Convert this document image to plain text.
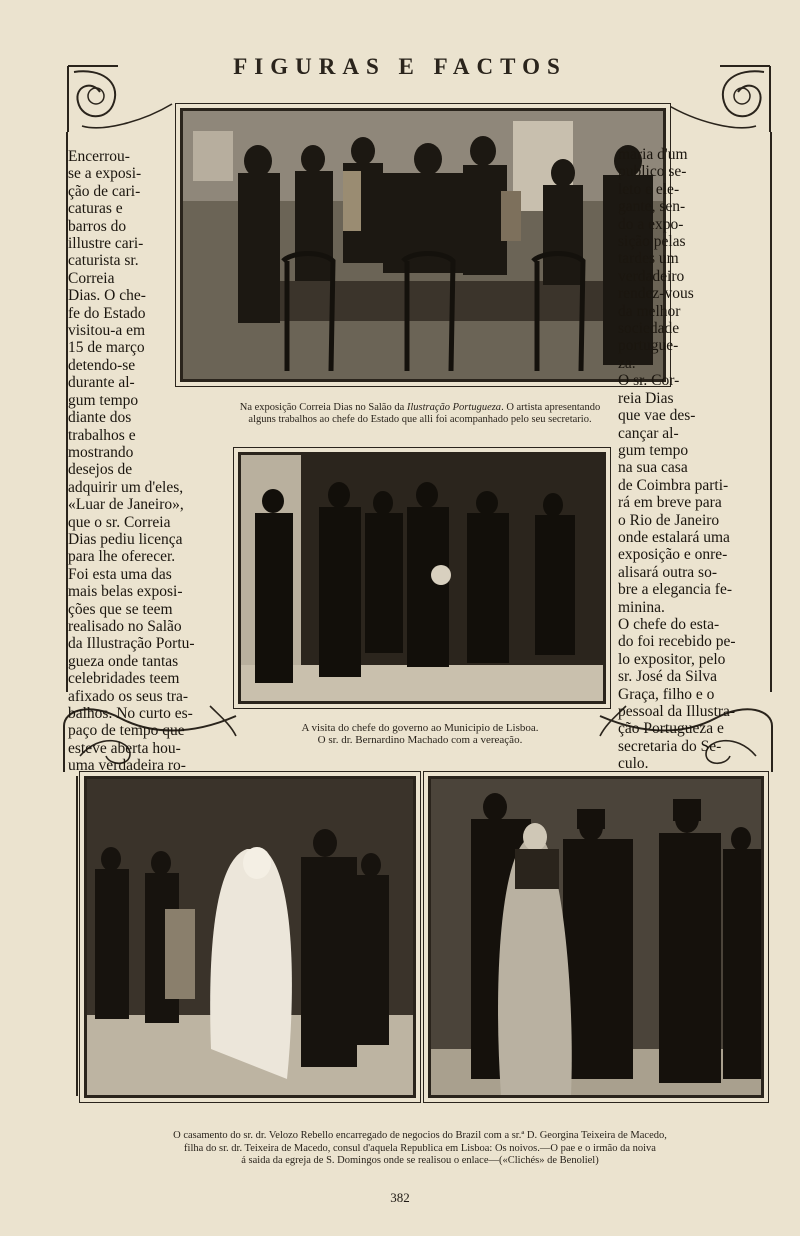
FIGURAS E FACTOS
Na exposição Correia Dias no Salão da Ilustração Portugueza. O artista apresentando
alguns trabalhos ao chefe do Estado que alli foi acompanhado pelo seu secretario.
A visita do chefe do governo ao Municipio de Lisboa.
O sr. dr. Bernardino Machado com a vereação.
O casamento do sr. dr. Velozo Rebello encarregado de negocios do Brazil com a sr.ª D. Georgina Teixeira de Macedo,
filha do sr. dr. Teixeira de Macedo, consul d'aquela Republica em Lisboa: Os noivos.—O pae e o irmão da noiva
á saida da egreja de S. Domingos onde se realisou o enlace—(«Clichés» de Benoliel)
Encerrou-
se a exposi-
ção de cari-
caturas e
barros do
illustre cari-
caturista sr.
Correia
Dias. O che-
fe do Estado
visitou-a em
15 de março
detendo-se
durante al-
gum tempo
diante dos
trabalhos e
mostrando
desejos de
adquirir um d'eles,
«Luar de Janeiro»,
que o sr. Correia
Dias pediu licença
para lhe oferecer.
Foi esta uma das
mais belas exposi-
ções que se teem
realisado no Salão
da Illustração Portu-
gueza onde tantas
celebridades teem
afixado os seus tra-
balhos. No curto es-
paço de tempo que
esteve aberta hou-
uma verdadeira ro-
maria d'um
publico se-
leto e ele-
gante, sen-
do a expo-
sição pelas
tardes um
verdadeiro
rendez-vous
da melhor
sociedade
portugue-
za.
O sr. Cor-
reia Dias
que vae des-
cançar al-
gum tempo
na sua casa
de Coimbra parti-
rá em breve para
o Rio de Janeiro
onde estalará uma
exposição e onre-
alisará outra so-
bre a elegancia fe-
minina.
O chefe do esta-
do foi recebido pe-
lo expositor, pelo
sr. José da Silva
Graça, filho e o
pessoal da Illustra-
ção Portugueza e
secretaria do Se-
culo.
382
